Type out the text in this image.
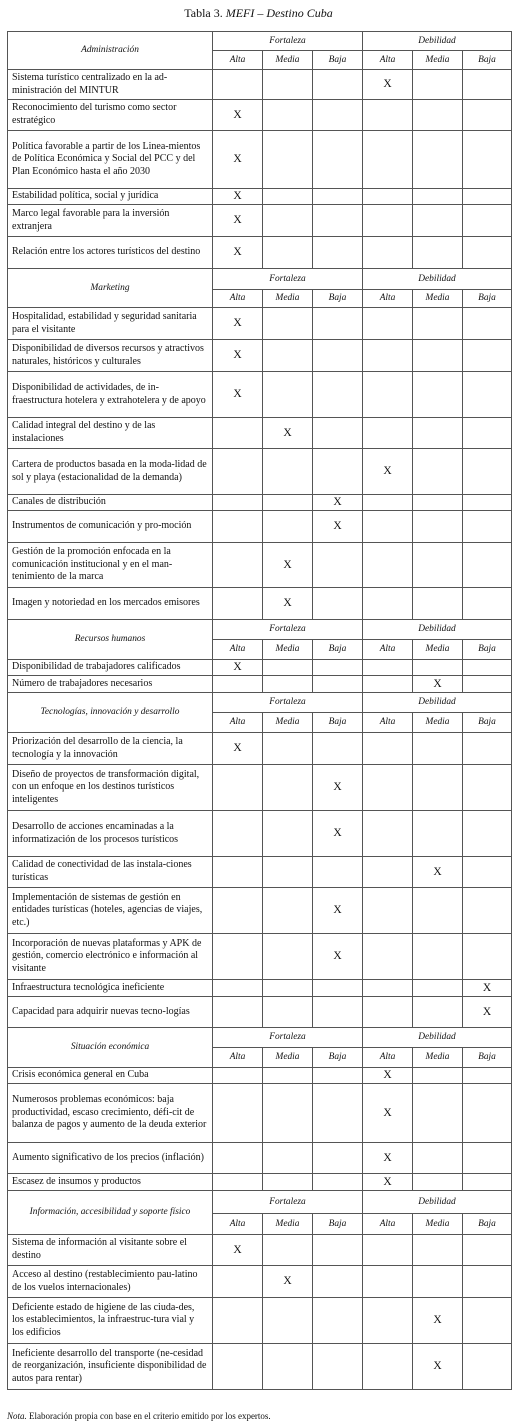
Tabla 3. MEFI – Destino Cuba
Administración	Fortaleza			Debilidad		
	Alta	Media	Baja	Alta	Media	Baja
Sistema turístico centralizado en la ad-ministración del MINTUR				X		
Reconocimiento del turismo como sector estratégico	X					
Política favorable a partir de los Linea-mientos de Política Económica y Social del PCC y del Plan Económico hasta el año 2030	X					
Estabilidad política, social y jurídica	X					
Marco legal favorable para la inversión extranjera	X					
Relación entre los actores turísticos del destino	X					
Marketing	Fortaleza			Debilidad		
	Alta	Media	Baja	Alta	Media	Baja
Hospitalidad, estabilidad y seguridad sanitaria para el visitante	X					
Disponibilidad de diversos recursos y atractivos naturales, históricos y culturales	X					
Disponibilidad de actividades, de in-fraestructura hotelera y extrahotelera y de apoyo	X					
Calidad integral del destino y de las instalaciones		X				
Cartera de productos basada en la moda-lidad de sol y playa (estacionalidad de la demanda)				X		
Canales de distribución			X			
Instrumentos de comunicación y pro-moción			X			
Gestión de la promoción enfocada en la comunicación institucional y en el man-tenimiento de la marca		X				
Imagen y notoriedad en los mercados emisores		X				
Recursos humanos	Fortaleza			Debilidad		
	Alta	Media	Baja	Alta	Media	Baja
Disponibilidad de trabajadores calificados	X					
Número de trabajadores necesarios					X	
Tecnologías, innovación y desarrollo	Fortaleza			Debilidad		
	Alta	Media	Baja	Alta	Media	Baja
Priorización del desarrollo de la ciencia, la tecnología y la innovación	X					
Diseño de proyectos de transformación digital, con un enfoque en los destinos turísticos inteligentes			X			
Desarrollo de acciones encaminadas a la informatización de los procesos turísticos			X			
Calidad de conectividad de las instala-ciones turísticas					X	
Implementación de sistemas de gestión en entidades turísticas (hoteles, agencias de viajes, etc.)			X			
Incorporación de nuevas plataformas y APK de gestión, comercio electrónico e información al visitante			X			
Infraestructura tecnológica ineficiente						X
Capacidad para adquirir nuevas tecno-logías						X
Situación económica	Fortaleza			Debilidad		
	Alta	Media	Baja	Alta	Media	Baja
Crisis económica general en Cuba				X		
Numerosos problemas económicos: baja productividad, escaso crecimiento, défi-cit de balanza de pagos y aumento de la deuda exterior				X		
Aumento significativo de los precios (inflación)				X		
Escasez de insumos y productos				X		
Información, accesibilidad y soporte físico	Fortaleza			Debilidad		
	Alta	Media	Baja	Alta	Media	Baja
Sistema de información al visitante sobre el destino	X					
Acceso al destino (restablecimiento pau-latino de los vuelos internacionales)		X				
Deficiente estado de higiene de las ciuda-des, los establecimientos, la infraestruc-tura vial y los edificios					X	
Ineficiente desarrollo del transporte (ne-cesidad de reorganización, insuficiente disponibilidad de autos para rentar)					X	
Nota. Elaboración propia con base en el criterio emitido por los expertos.
